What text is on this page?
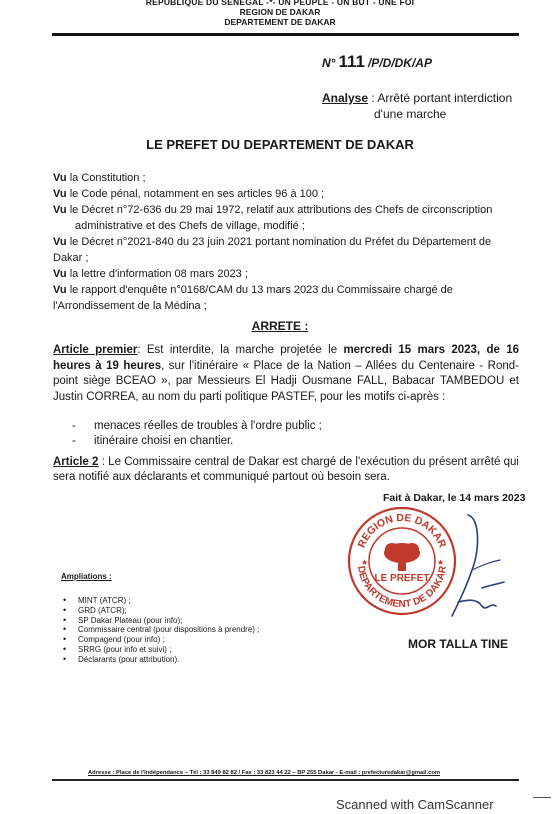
REPUBLIQUE DU SENEGAL -*- UN PEUPLE - UN BUT - UNE FOI
REGION DE DAKAR
DEPARTEMENT DE DAKAR
N° 111 /P/D/DK/AP
Analyse : Arrêté portant interdiction
d'une marche
LE PREFET DU DEPARTEMENT DE DAKAR

Vu la Constitution ;

Vu le Code pénal, notamment en ses articles 96 à 100 ;

Vu le Décret n°72-636 du 29 mai 1972, relatif aux attributions des Chefs de circonscription
administrative et des Chefs de village, modifié ;

Vu le Décret n°2021-840 du 23 juin 2021 portant nomination du Préfet du Département de Dakar ;

Vu la lettre d'information 08 mars 2023 ;

Vu le rapport d'enquête n°0168/CAM du 13 mars 2023 du Commissaire chargé de l'Arrondissement de la Médina ;

ARRETE :
Article premier: Est interdite, la marche projetée le mercredi 15 mars 2023, de 16 heures à 19 heures, sur l'itinéraire « Place de la Nation – Allées du Centenaire - Rond-point siège BCEAO », par Messieurs El Hadji Ousmane FALL, Babacar TAMBEDOU et Justin CORREA, au nom du parti politique PASTEF, pour les motifs ci-après :
- menaces réelles de troubles à l'ordre public ;
- itinéraire choisi en chantier.
Article 2 : Le Commissaire central de Dakar est chargé de l'exécution du présent arrêté qui sera notifié aux déclarants et communiqué partout où besoin sera.
Fait à Dakar, le 14 mars 2023
REGION DE DAKAR
DEPARTEMENT DE DAKAR
LE PREFET
★	★
MOR TALLA TINE
Ampliations :
• MINT (ATCR) ;
• GRD (ATCR);
• SP Dakar Plateau (pour info);
• Commissaire central (pour dispositions à prendre) ;
• Compagend (pour info) ;
• SRRG (pour info et suivi) ;
• Déclarants (pour attribution).
Adresse : Place de l'Indépendance – Tél : 33 849 82 82 / Fax : 33 823 44 22 – BP 255 Dakar - E-mail : prefecturedakar@gmail.com
Scanned with CamScanner
